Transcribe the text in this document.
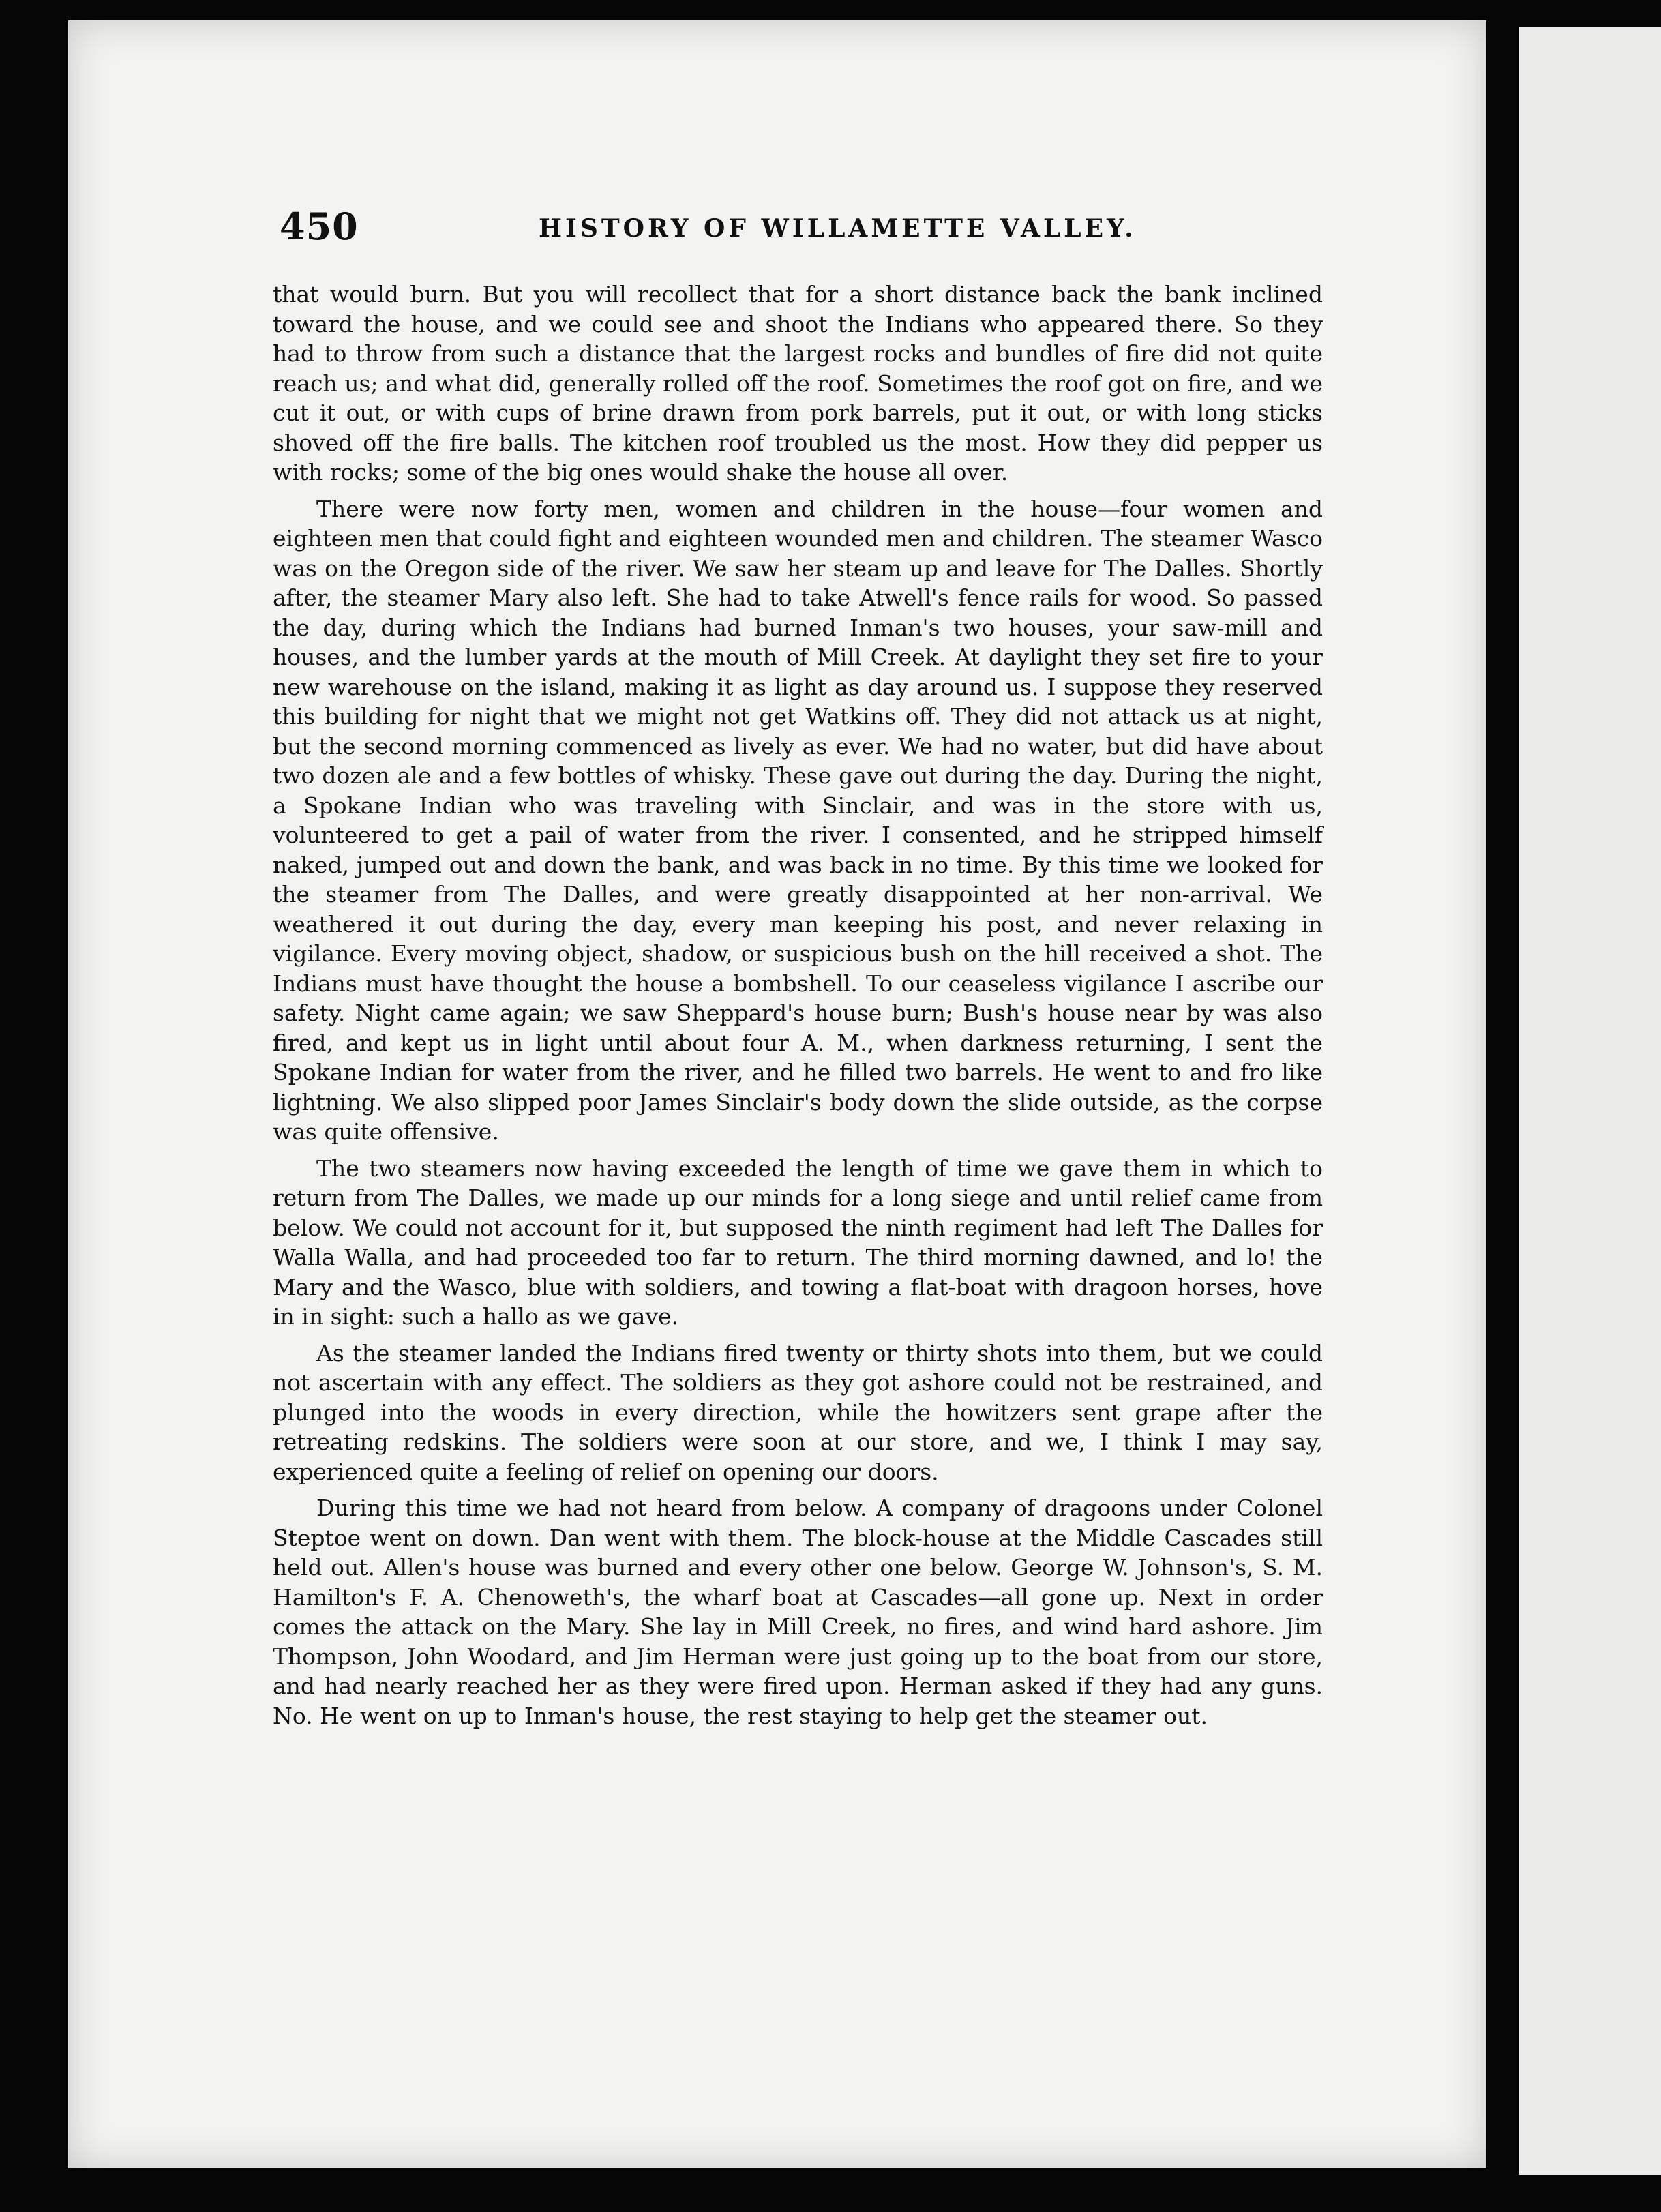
450	HISTORY OF WILLAMETTE VALLEY.

that would burn. But you will recollect that for a short distance back the bank inclined toward the house, and we could see and shoot the Indians who appeared there. So they had to throw from such a distance that the largest rocks and bundles of fire did not quite reach us; and what did, generally rolled off the roof. Sometimes the roof got on fire, and we cut it out, or with cups of brine drawn from pork barrels, put it out, or with long sticks shoved off the fire balls. The kitchen roof troubled us the most. How they did pepper us with rocks; some of the big ones would shake the house all over.

There were now forty men, women and children in the house—four women and eighteen men that could fight and eighteen wounded men and children. The steamer Wasco was on the Oregon side of the river. We saw her steam up and leave for The Dalles. Shortly after, the steamer Mary also left. She had to take Atwell's fence rails for wood. So passed the day, during which the Indians had burned Inman's two houses, your saw-mill and houses, and the lumber yards at the mouth of Mill Creek. At daylight they set fire to your new warehouse on the island, making it as light as day around us. I suppose they reserved this building for night that we might not get Watkins off. They did not attack us at night, but the second morning commenced as lively as ever. We had no water, but did have about two dozen ale and a few bottles of whisky. These gave out during the day. During the night, a Spokane Indian who was traveling with Sinclair, and was in the store with us, volunteered to get a pail of water from the river. I consented, and he stripped himself naked, jumped out and down the bank, and was back in no time. By this time we looked for the steamer from The Dalles, and were greatly disappointed at her non-arrival. We weathered it out during the day, every man keeping his post, and never relaxing in vigilance. Every moving object, shadow, or suspicious bush on the hill received a shot. The Indians must have thought the house a bombshell. To our ceaseless vigilance I ascribe our safety. Night came again; we saw Sheppard's house burn; Bush's house near by was also fired, and kept us in light until about four A. M., when darkness returning, I sent the Spokane Indian for water from the river, and he filled two barrels. He went to and fro like lightning. We also slipped poor James Sinclair's body down the slide outside, as the corpse was quite offensive.

The two steamers now having exceeded the length of time we gave them in which to return from The Dalles, we made up our minds for a long siege and until relief came from below. We could not account for it, but supposed the ninth regiment had left The Dalles for Walla Walla, and had proceeded too far to return. The third morning dawned, and lo! the Mary and the Wasco, blue with soldiers, and towing a flat-boat with dragoon horses, hove in in sight: such a hallo as we gave.

As the steamer landed the Indians fired twenty or thirty shots into them, but we could not ascertain with any effect. The soldiers as they got ashore could not be restrained, and plunged into the woods in every direction, while the howitzers sent grape after the retreating redskins. The soldiers were soon at our store, and we, I think I may say, experienced quite a feeling of relief on opening our doors.

During this time we had not heard from below. A company of dragoons under Colonel Steptoe went on down. Dan went with them. The block-house at the Middle Cascades still held out. Allen's house was burned and every other one below. George W. Johnson's, S. M. Hamilton's F. A. Chenoweth's, the wharf boat at Cascades—all gone up. Next in order comes the attack on the Mary. She lay in Mill Creek, no fires, and wind hard ashore. Jim Thompson, John Woodard, and Jim Herman were just going up to the boat from our store, and had nearly reached her as they were fired upon. Herman asked if they had any guns. No. He went on up to Inman's house, the rest staying to help get the steamer out.
